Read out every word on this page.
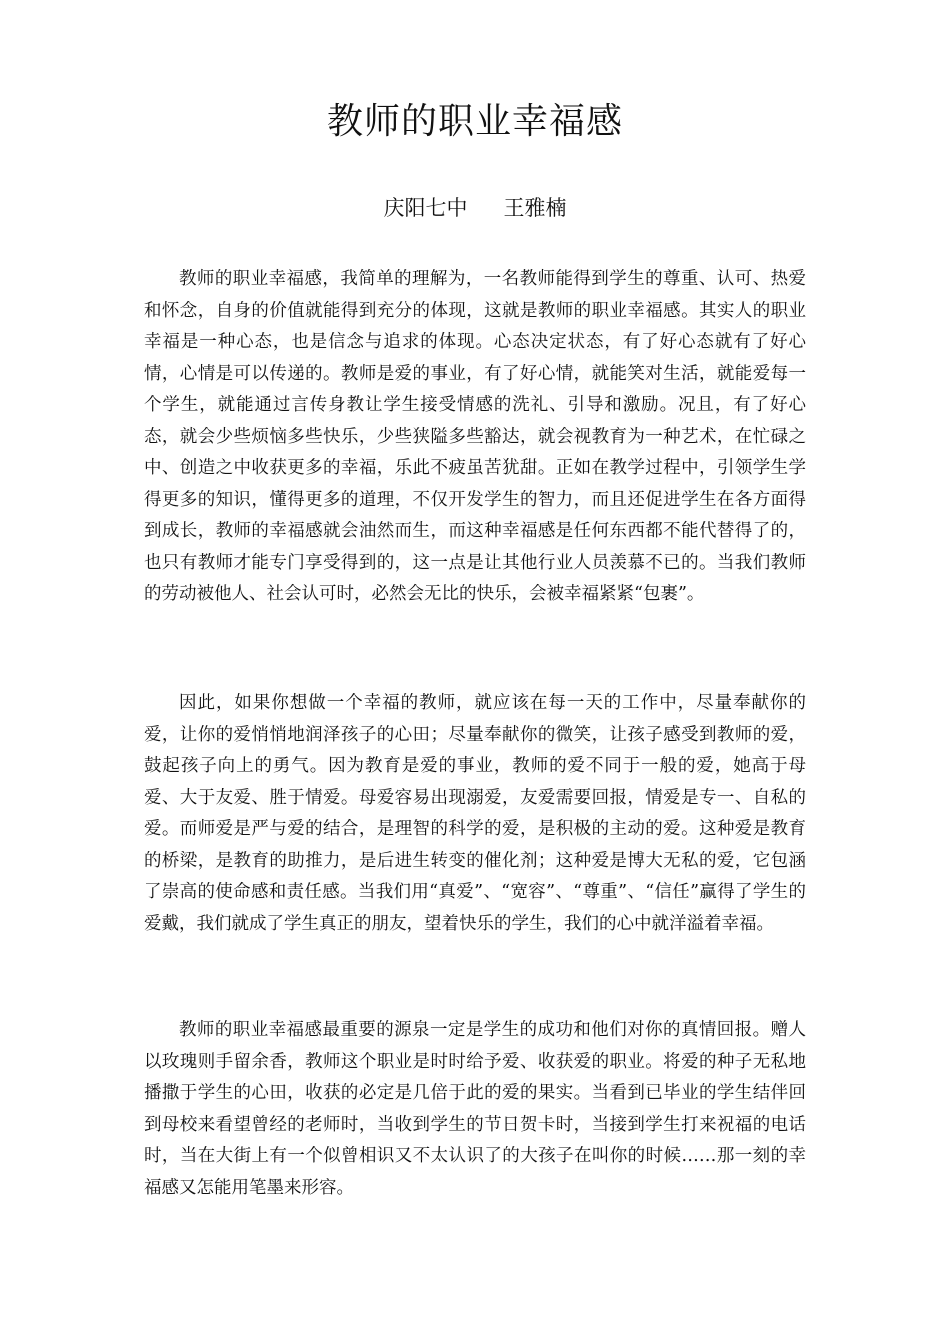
教师的职业幸福感

庆阳七中 王雅楠

教师的职业幸福感，我简单的理解为，一名教师能得到学生的尊重、认可、热爱和怀念，自身的价值就能得到充分的体现，这就是教师的职业幸福感。其实人的职业幸福是一种心态，也是信念与追求的体现。心态决定状态，有了好心态就有了好心情，心情是可以传递的。教师是爱的事业，有了好心情，就能笑对生活，就能爱每一个学生，就能通过言传身教让学生接受情感的洗礼、引导和激励。况且，有了好心态，就会少些烦恼多些快乐，少些狭隘多些豁达，就会视教育为一种艺术，在忙碌之中、创造之中收获更多的幸福，乐此不疲虽苦犹甜。正如在教学过程中，引领学生学得更多的知识，懂得更多的道理，不仅开发学生的智力，而且还促进学生在各方面得到成长，教师的幸福感就会油然而生，而这种幸福感是任何东西都不能代替得了的，也只有教师才能专门享受得到的，这一点是让其他行业人员羡慕不已的。当我们教师的劳动被他人、社会认可时，必然会无比的快乐，会被幸福紧紧“包裹”。

因此，如果你想做一个幸福的教师，就应该在每一天的工作中，尽量奉献你的爱，让你的爱悄悄地润泽孩子的心田；尽量奉献你的微笑，让孩子感受到教师的爱，鼓起孩子向上的勇气。因为教育是爱的事业，教师的爱不同于一般的爱，她高于母爱、大于友爱、胜于情爱。母爱容易出现溺爱，友爱需要回报，情爱是专一、自私的爱。而师爱是严与爱的结合，是理智的科学的爱，是积极的主动的爱。这种爱是教育的桥梁，是教育的助推力，是后进生转变的催化剂；这种爱是博大无私的爱，它包涵了崇高的使命感和责任感。当我们用“真爱”、“宽容”、“尊重”、“信任”赢得了学生的爱戴，我们就成了学生真正的朋友，望着快乐的学生，我们的心中就洋溢着幸福。

教师的职业幸福感最重要的源泉一定是学生的成功和他们对你的真情回报。赠人以玫瑰则手留余香，教师这个职业是时时给予爱、收获爱的职业。将爱的种子无私地播撒于学生的心田，收获的必定是几倍于此的爱的果实。当看到已毕业的学生结伴回到母校来看望曾经的老师时，当收到学生的节日贺卡时，当接到学生打来祝福的电话时，当在大街上有一个似曾相识又不太认识了的大孩子在叫你的时候……那一刻的幸福感又怎能用笔墨来形容。
